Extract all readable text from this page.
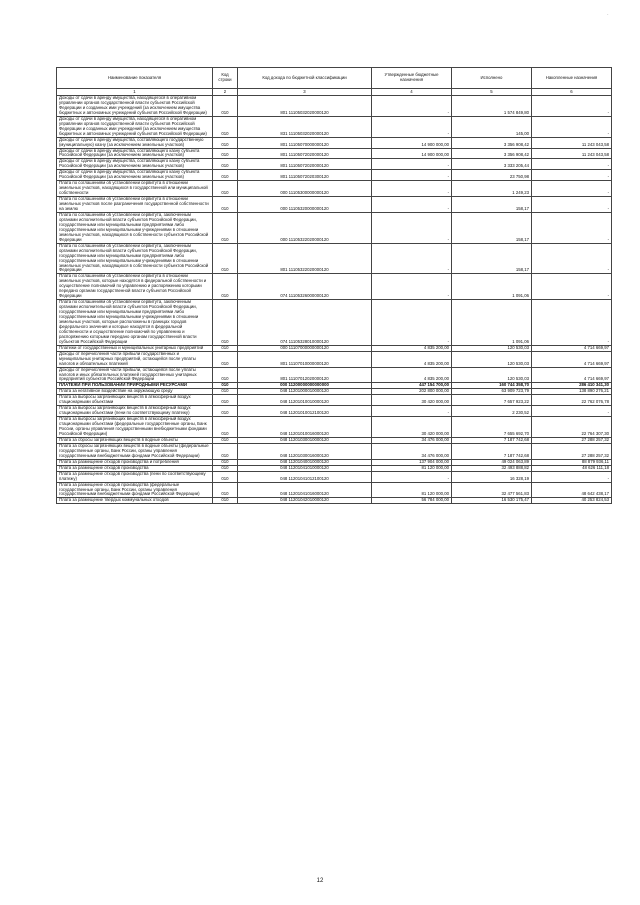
·
Наименование показателя	Код строки	Код дохода по бюджетной классификации	Утвержденные бюджетные назначения	Исполнено	Накопленные назначения
1	2	3	4	5	6
Доходы от сдачи в аренду имущества, находящегося в оперативном управлении органов государственной власти субъектов Российской Федерации и созданных ими учреждений (за исключением имущества бюджетных и автономных учреждений субъектов Российской Федерации)	010	801 11105032020000120	-	1 574 849,80	-
Доходы от сдачи в аренду имущества, находящегося в оперативном управлении органов государственной власти субъектов Российской Федерации и созданных ими учреждений (за исключением имущества бюджетных и автономных учреждений субъектов Российской Федерации)	010	831 11105032020000120	-	145,00	-
Доходы от сдачи в аренду имущества, составляющего государственную (муниципальную) казну (за исключением земельных участков)	010	801 11105070000000120	14 900 000,00	3 356 908,42	11 243 043,58
Доходы от сдачи в аренду имущества, составляющего казну субъекта Российской Федерации (за исключением земельных участков)	010	801 11105072020000120	14 900 000,00	3 356 908,42	11 243 043,58
Доходы от сдачи в аренду имущества, составляющего казну субъекта Российской Федерации (за исключением земельных участков)	010	801 11105072020000120	-	3 333 205,44	-
Доходы от сдачи в аренду имущества, составляющего казну субъекта Российской Федерации (за исключением земельных участков)	010	801 11105072020300120	-	23 750,98	-
Плата по соглашениям об установлении сервитута в отношении земельных участков, находящихся в государственной или муниципальной собственности	010	000 11105300000000120	-	1 249,23	-
Плата по соглашениям об установлении сервитута в отношении земельных участков после разграничения государственной собственности на землю	010	000 11105320000000120	-	158,17	-
Плата по соглашениям об установлении сервитута, заключенным органами исполнительной власти субъектов Российской Федерации, государственными или муниципальными предприятиями либо государственными или муниципальными учреждениями в отношении земельных участков, находящихся в собственности субъектов Российской Федерации	010	000 11105322020000120	-	158,17	-
Плата по соглашениям об установлении сервитута, заключенным органами исполнительной власти субъектов Российской Федерации, государственными или муниципальными предприятиями либо государственными или муниципальными учреждениями в отношении земельных участков, находящихся в собственности субъектов Российской Федерации	010	801 11105322020000120	-	158,17	-
Плата по соглашениям об установлении сервитута в отношении земельных участков, которые находятся в федеральной собственности и осуществление полномочий по управлению и распоряжению которыми передано органам государственной власти субъектов Российской Федерации	010	074 11105326000000120	-	1 091,06	-
Плата по соглашениям об установлении сервитута, заключенным органами исполнительной власти субъектов Российской Федерации, государственными или муниципальными предприятиями либо государственными или муниципальными учреждениями в отношении земельных участков, которые расположены в границах городов федерального значения и которые находятся в федеральной собственности и осуществление полномочий по управлению и распоряжению которыми передано органам государственной власти субъектов Российской Федерации	010	074 11105328010000120	-	1 091,06	-
Платежи от государственных и муниципальных унитарных предприятий	010	000 11107000000000120	4 835 200,00	120 530,03	4 714 669,97
Доходы от перечисления части прибыли государственных и муниципальных унитарных предприятий, остающейся после уплаты налогов и обязательных платежей	010	801 11107010000000120	4 835 200,00	120 530,03	4 714 669,97
Доходы от перечисления части прибыли, остающейся после уплаты налогов и иных обязательных платежей государственных унитарных предприятий субъектов Российской Федерации	010	801 11107012020000120	4 835 200,00	120 530,03	4 714 669,97
ПЛАТЕЖИ ПРИ ПОЛЬЗОВАНИИ ПРИРОДНЫМИ РЕСУРСАМИ	010	000 11200000000000000	447 154 700,00	160 744 358,70	286 410 341,30
Плата за негативное воздействие на окружающую среду	010	048 11201000010000120	202 800 000,00	63 909 723,79	138 890 276,21
Плата за выбросы загрязняющих веществ в атмосферный воздух стационарными объектами	010	048 11201010010000120	30 420 000,00	7 657 923,22	22 762 076,78
Плата за выбросы загрязняющих веществ в атмосферный воздух стационарными объектами (пени по соответствующему платежу)	010	048 11201010012100120	-	2 230,52	-
Плата за выбросы загрязняющих веществ в атмосферный воздух стационарными объектами (федеральные государственные органы, Банк России, органы управления государственными внебюджетными фондами Российской Федерации)	010	048 11201010016000120	30 420 000,00	7 655 692,70	22 764 307,30
Плата за сбросы загрязняющих веществ в водные объекты	010	048 11201030010000120	34 476 000,00	7 187 742,68	27 288 257,32
Плата за сбросы загрязняющих веществ в водные объекты (федеральные государственные органы, Банк России, органы управления государственными внебюджетными фондами Российской Федерации)	010	048 11201030016000120	34 476 000,00	7 187 742,68	27 288 257,32
Плата за размещение отходов производства и потребления	010	048 11201040010000120	137 904 000,00	49 024 063,89	88 879 936,11
Плата за размещение отходов производства	010	048 11201041010000120	81 120 000,00	32 493 888,82	48 626 111,18
Плата за размещение отходов производства (пени по соответствующему платежу)	010	048 11201041012100120	-	16 328,19	-
Плата за размещение отходов производства (федеральные государственные органы, Банк России, органы управления государственными внебюджетными фондами Российской Федерации)	010	048 11201041016000120	81 120 000,00	32 477 561,83	48 642 438,17
Плата за размещение твердых коммунальных отходов	010	048 11201042010000120	56 784 000,00	16 530 175,47	40 253 824,53
12
